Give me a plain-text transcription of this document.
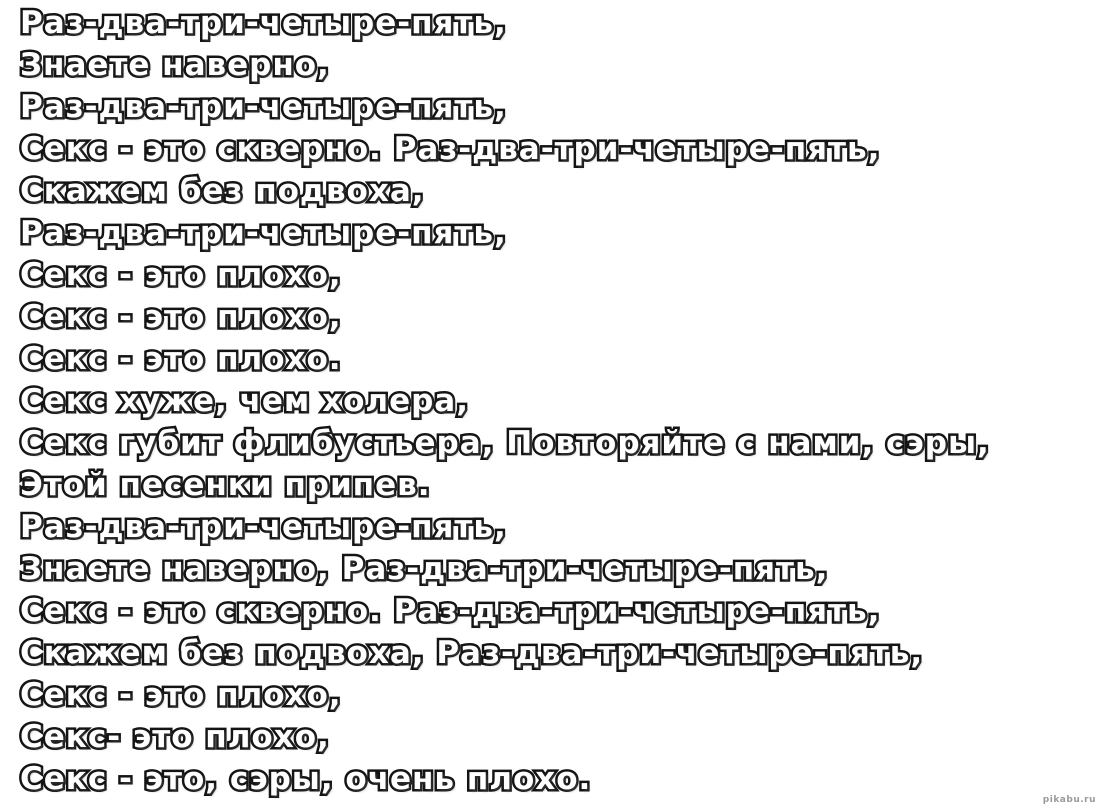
Раз-два-три-четыре-пять,
Знаете наверно,
Раз-два-три-четыре-пять,
Секс - это скверно. Раз-два-три-четыре-пять,
Скажем без подвоха,
Раз-два-три-четыре-пять,
Секс - это плохо,
Секс - это плохо,
Секс - это плохо.
Секс хуже, чем холера,
Секс губит флибустьера, Повторяйте с нами, сэры,
Этой песенки припев.
Раз-два-три-четыре-пять,
Знаете наверно, Раз-два-три-четыре-пять,
Секс - это скверно. Раз-два-три-четыре-пять,
Скажем без подвоха, Раз-два-три-четыре-пять,
Секс - это плохо,
Секс- это плохо,
Секс - это, сэры, очень плохо.
pikabu.ru
